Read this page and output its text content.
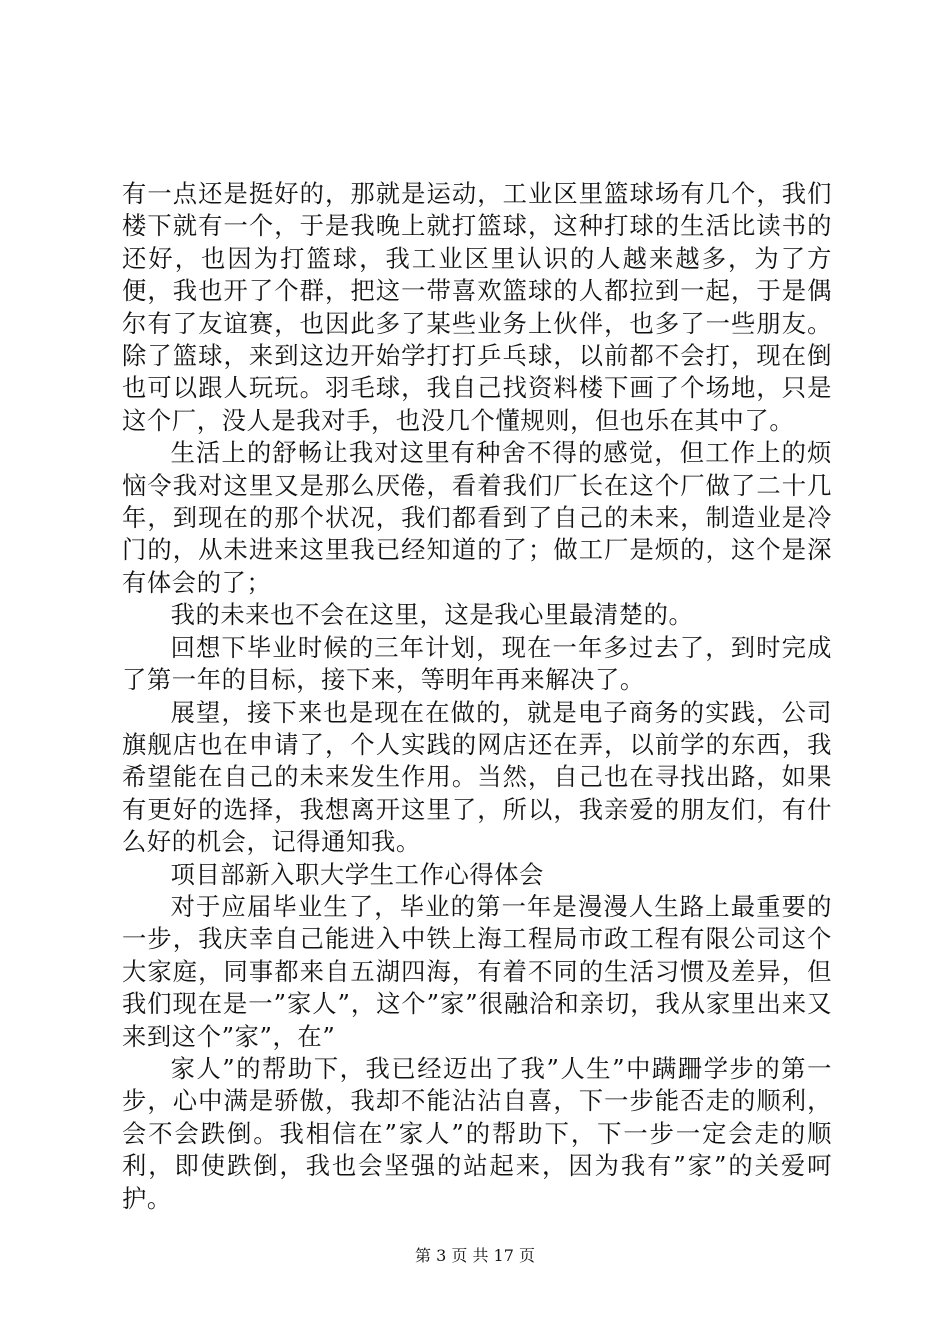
有一点还是挺好的，那就是运动，工业区里篮球场有几个，我们楼下就有一个，于是我晚上就打篮球，这种打球的生活比读书的还好，也因为打篮球，我工业区里认识的人越来越多，为了方便，我也开了个群，把这一带喜欢篮球的人都拉到一起，于是偶尔有了友谊赛，也因此多了某些业务上伙伴，也多了一些朋友。除了篮球，来到这边开始学打打乒乓球，以前都不会打，现在倒也可以跟人玩玩。羽毛球，我自己找资料楼下画了个场地，只是这个厂，没人是我对手，也没几个懂规则，但也乐在其中了。

生活上的舒畅让我对这里有种舍不得的感觉，但工作上的烦恼令我对这里又是那么厌倦，看着我们厂长在这个厂做了二十几年，到现在的那个状况，我们都看到了自己的未来，制造业是冷门的，从未进来这里我已经知道的了；做工厂是烦的，这个是深有体会的了；

我的未来也不会在这里，这是我心里最清楚的。

回想下毕业时候的三年计划，现在一年多过去了，到时完成了第一年的目标，接下来，等明年再来解决了。

展望，接下来也是现在在做的，就是电子商务的实践，公司旗舰店也在申请了，个人实践的网店还在弄，以前学的东西，我希望能在自己的未来发生作用。当然，自己也在寻找出路，如果有更好的选择，我想离开这里了，所以，我亲爱的朋友们，有什么好的机会，记得通知我。

项目部新入职大学生工作心得体会

对于应届毕业生了，毕业的第一年是漫漫人生路上最重要的一步，我庆幸自己能进入中铁上海工程局市政工程有限公司这个大家庭，同事都来自五湖四海，有着不同的生活习惯及差异，但我们现在是一”家人”，这个”家”很融洽和亲切，我从家里出来又来到这个”家”，在”

家人”的帮助下，我已经迈出了我”人生”中蹒跚学步的第一步，心中满是骄傲，我却不能沾沾自喜，下一步能否走的顺利，会不会跌倒。我相信在”家人”的帮助下，下一步一定会走的顺利，即使跌倒，我也会坚强的站起来，因为我有”家”的关爱呵护。

第 3 页 共 17 页
